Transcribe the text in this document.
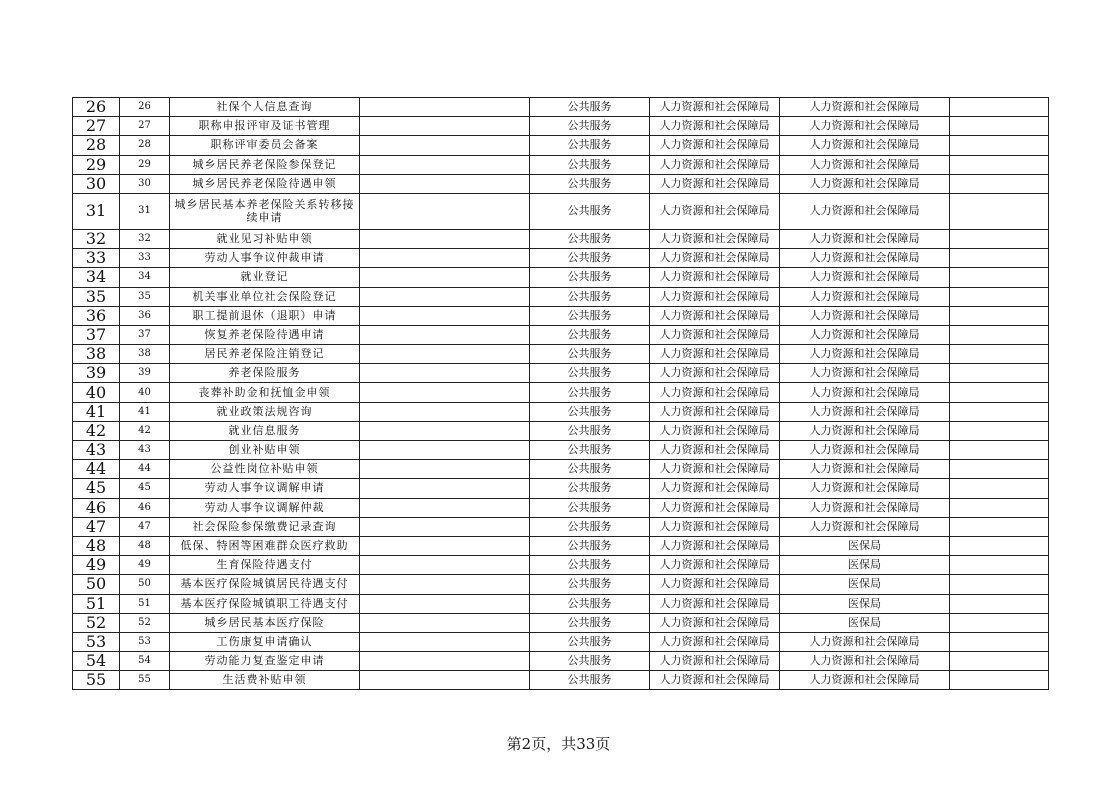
26	26	社保个人信息查询		公共服务	人力资源和社会保障局	人力资源和社会保障局	
27	27	职称申报评审及证书管理		公共服务	人力资源和社会保障局	人力资源和社会保障局	
28	28	职称评审委员会备案		公共服务	人力资源和社会保障局	人力资源和社会保障局	
29	29	城乡居民养老保险参保登记		公共服务	人力资源和社会保障局	人力资源和社会保障局	
30	30	城乡居民养老保险待遇申领		公共服务	人力资源和社会保障局	人力资源和社会保障局	
31	31	城乡居民基本养老保险关系转移接续申请		公共服务	人力资源和社会保障局	人力资源和社会保障局	
32	32	就业见习补贴申领		公共服务	人力资源和社会保障局	人力资源和社会保障局	
33	33	劳动人事争议仲裁申请		公共服务	人力资源和社会保障局	人力资源和社会保障局	
34	34	就业登记		公共服务	人力资源和社会保障局	人力资源和社会保障局	
35	35	机关事业单位社会保险登记		公共服务	人力资源和社会保障局	人力资源和社会保障局	
36	36	职工提前退休（退职）申请		公共服务	人力资源和社会保障局	人力资源和社会保障局	
37	37	恢复养老保险待遇申请		公共服务	人力资源和社会保障局	人力资源和社会保障局	
38	38	居民养老保险注销登记		公共服务	人力资源和社会保障局	人力资源和社会保障局	
39	39	养老保险服务		公共服务	人力资源和社会保障局	人力资源和社会保障局	
40	40	丧葬补助金和抚恤金申领		公共服务	人力资源和社会保障局	人力资源和社会保障局	
41	41	就业政策法规咨询		公共服务	人力资源和社会保障局	人力资源和社会保障局	
42	42	就业信息服务		公共服务	人力资源和社会保障局	人力资源和社会保障局	
43	43	创业补贴申领		公共服务	人力资源和社会保障局	人力资源和社会保障局	
44	44	公益性岗位补贴申领		公共服务	人力资源和社会保障局	人力资源和社会保障局	
45	45	劳动人事争议调解申请		公共服务	人力资源和社会保障局	人力资源和社会保障局	
46	46	劳动人事争议调解仲裁		公共服务	人力资源和社会保障局	人力资源和社会保障局	
47	47	社会保险参保缴费记录查询		公共服务	人力资源和社会保障局	人力资源和社会保障局	
48	48	低保、特困等困难群众医疗救助		公共服务	人力资源和社会保障局	医保局	
49	49	生育保险待遇支付		公共服务	人力资源和社会保障局	医保局	
50	50	基本医疗保险城镇居民待遇支付		公共服务	人力资源和社会保障局	医保局	
51	51	基本医疗保险城镇职工待遇支付		公共服务	人力资源和社会保障局	医保局	
52	52	城乡居民基本医疗保险		公共服务	人力资源和社会保障局	医保局	
53	53	工伤康复申请确认		公共服务	人力资源和社会保障局	人力资源和社会保障局	
54	54	劳动能力复查鉴定申请		公共服务	人力资源和社会保障局	人力资源和社会保障局	
55	55	生活费补贴申领		公共服务	人力资源和社会保障局	人力资源和社会保障局	
第2页，共33页
